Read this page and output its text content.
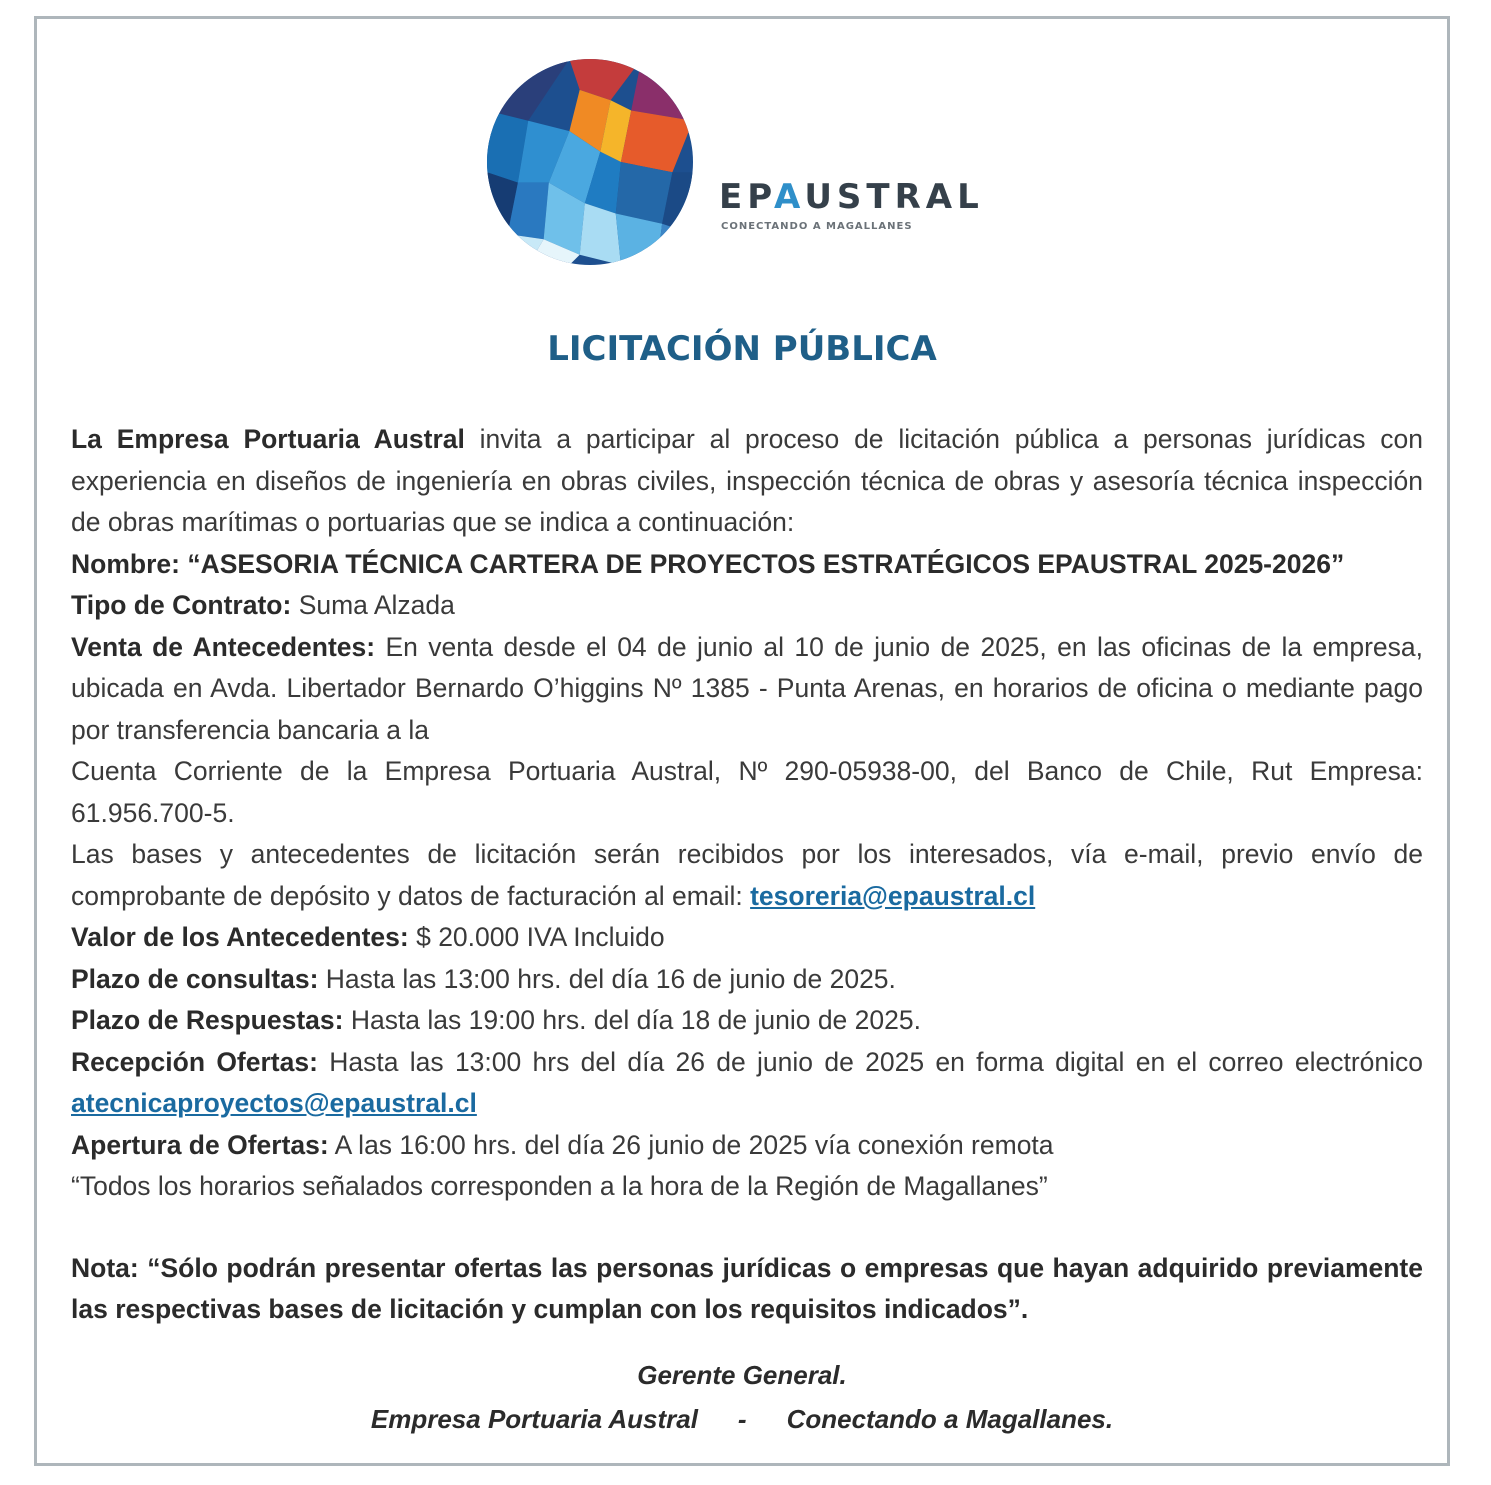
EPAUSTRAL
CONECTANDO A MAGALLANES
LICITACIÓN PÚBLICA

La Empresa Portuaria Austral invita a participar al proceso de licitación pública a personas jurídicas con experiencia en diseños de ingeniería en obras civiles, inspección técnica de obras y asesoría técnica inspección de obras marítimas o portuarias que se indica a continuación:

Nombre: “ASESORIA TÉCNICA CARTERA DE PROYECTOS ESTRATÉGICOS EPAUSTRAL 2025-2026”

Tipo de Contrato: Suma Alzada

Venta de Antecedentes: En venta desde el 04 de junio al 10 de junio de 2025, en las oficinas de la empresa, ubicada en Avda. Libertador Bernardo O’higgins Nº 1385 - Punta Arenas, en horarios de oficina o mediante pago por transferencia bancaria a la

Cuenta Corriente de la Empresa Portuaria Austral, Nº 290-05938-00, del Banco de Chile, Rut Empresa: 61.956.700-5.

Las bases y antecedentes de licitación serán recibidos por los interesados, vía e-mail, previo envío de comprobante de depósito y datos de facturación al email: tesoreria@epaustral.cl

Valor de los Antecedentes: $ 20.000 IVA Incluido

Plazo de consultas: Hasta las 13:00 hrs. del día 16 de junio de 2025.

Plazo de Respuestas: Hasta las 19:00 hrs. del día 18 de junio de 2025.

Recepción Ofertas: Hasta las 13:00 hrs del día 26 de junio de 2025 en forma digital en el correo electrónico atecnicaproyectos@epaustral.cl

Apertura de Ofertas: A las 16:00 hrs. del día 26 junio de 2025 vía conexión remota

“Todos los horarios señalados corresponden a la hora de la Región de Magallanes”

Nota: “Sólo podrán presentar ofertas las personas jurídicas o empresas que hayan adquirido previamente las respectivas bases de licitación y cumplan con los requisitos indicados”.

Gerente General.
Empresa Portuaria Austral - Conectando a Magallanes.
